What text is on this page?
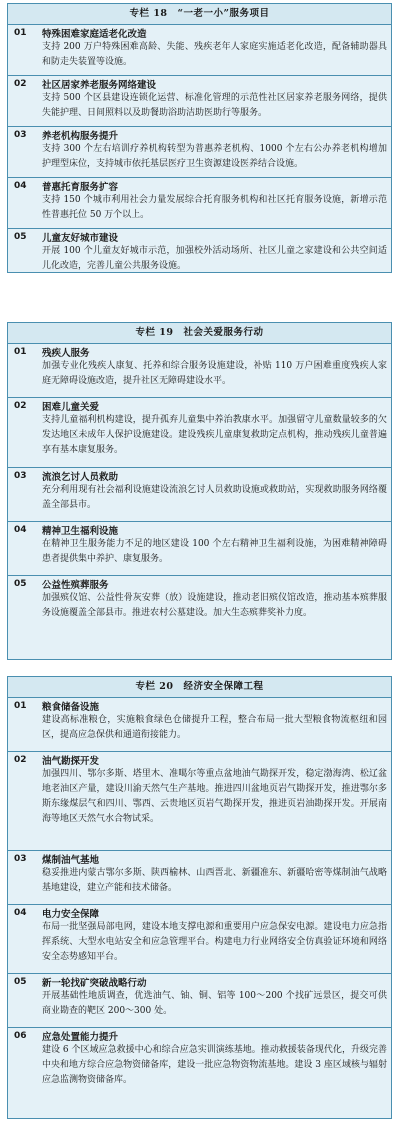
专栏 18　“一老一小”服务项目
01	特殊困难家庭适老化改造
支持 200 万户特殊困难高龄、失能、残疾老年人家庭实施适老化改造，配备辅助器具和防走失装置等设施。
02	社区居家养老服务网络建设
支持 500 个区县建设连锁化运营、标准化管理的示范性社区居家养老服务网络，提供失能护理、日间照料以及助餐助浴助洁助医助行等服务。
03	养老机构服务提升
支持 300 个左右培训疗养机构转型为普惠养老机构、1000 个左右公办养老机构增加护理型床位，支持城市依托基层医疗卫生资源建设医养结合设施。
04	普惠托育服务扩容
支持 150 个城市利用社会力量发展综合托育服务机构和社区托育服务设施，新增示范性普惠托位 50 万个以上。
05	儿童友好城市建设
开展 100 个儿童友好城市示范，加强校外活动场所、社区儿童之家建设和公共空间适儿化改造，完善儿童公共服务设施。
专栏 19　社会关爱服务行动
01	残疾人服务
加强专业化残疾人康复、托养和综合服务设施建设，补贴 110 万户困难重度残疾人家庭无障碍设施改造，提升社区无障碍建设水平。
02	困难儿童关爱
支持儿童福利机构建设，提升孤弃儿童集中养治教康水平。加强留守儿童数量较多的欠发达地区未成年人保护设施建设。建设残疾儿童康复救助定点机构，推动残疾儿童普遍享有基本康复服务。
03	流浪乞讨人员救助
充分利用现有社会福利设施建设流浪乞讨人员救助设施或救助站，实现救助服务网络覆盖全部县市。
04	精神卫生福利设施
在精神卫生服务能力不足的地区建设 100 个左右精神卫生福利设施，为困难精神障碍患者提供集中养护、康复服务。
05	公益性殡葬服务
加强殡仪馆、公益性骨灰安葬（放）设施建设，推动老旧殡仪馆改造，推动基本殡葬服务设施覆盖全部县市。推进农村公墓建设。加大生态殡葬奖补力度。
专栏 20　经济安全保障工程
01	粮食储备设施
建设高标准粮仓，实施粮食绿色仓储提升工程，整合布局一批大型粮食物流枢纽和园区，提高应急保供和通道衔接能力。
02	油气勘探开发
加强四川、鄂尔多斯、塔里木、准噶尔等重点盆地油气勘探开发，稳定渤海湾、松辽盆地老油区产量，建设川渝天然气生产基地。推进四川盆地页岩气勘探开发，推进鄂尔多斯东缘煤层气和四川、鄂西、云贵地区页岩气勘探开发，推进页岩油勘探开发。开展南海等地区天然气水合物试采。
03	煤制油气基地
稳妥推进内蒙古鄂尔多斯、陕西榆林、山西晋北、新疆准东、新疆哈密等煤制油气战略基地建设，建立产能和技术储备。
04	电力安全保障
布局一批坚强局部电网，建设本地支撑电源和重要用户应急保安电源。建设电力应急指挥系统、大型水电站安全和应急管理平台。构建电力行业网络安全仿真验证环境和网络安全态势感知平台。
05	新一轮找矿突破战略行动
开展基础性地质调查，优选油气、铀、铜、铝等 100～200 个找矿远景区，提交可供商业勘查的靶区 200～300 处。
06	应急处置能力提升
建设 6 个区域应急救援中心和综合应急实训演练基地。推动救援装备现代化，升级完善中央和地方综合应急物资储备库，建设一批应急物资物流基地。建设 3 座区域核与辐射应急监测物资储备库。
